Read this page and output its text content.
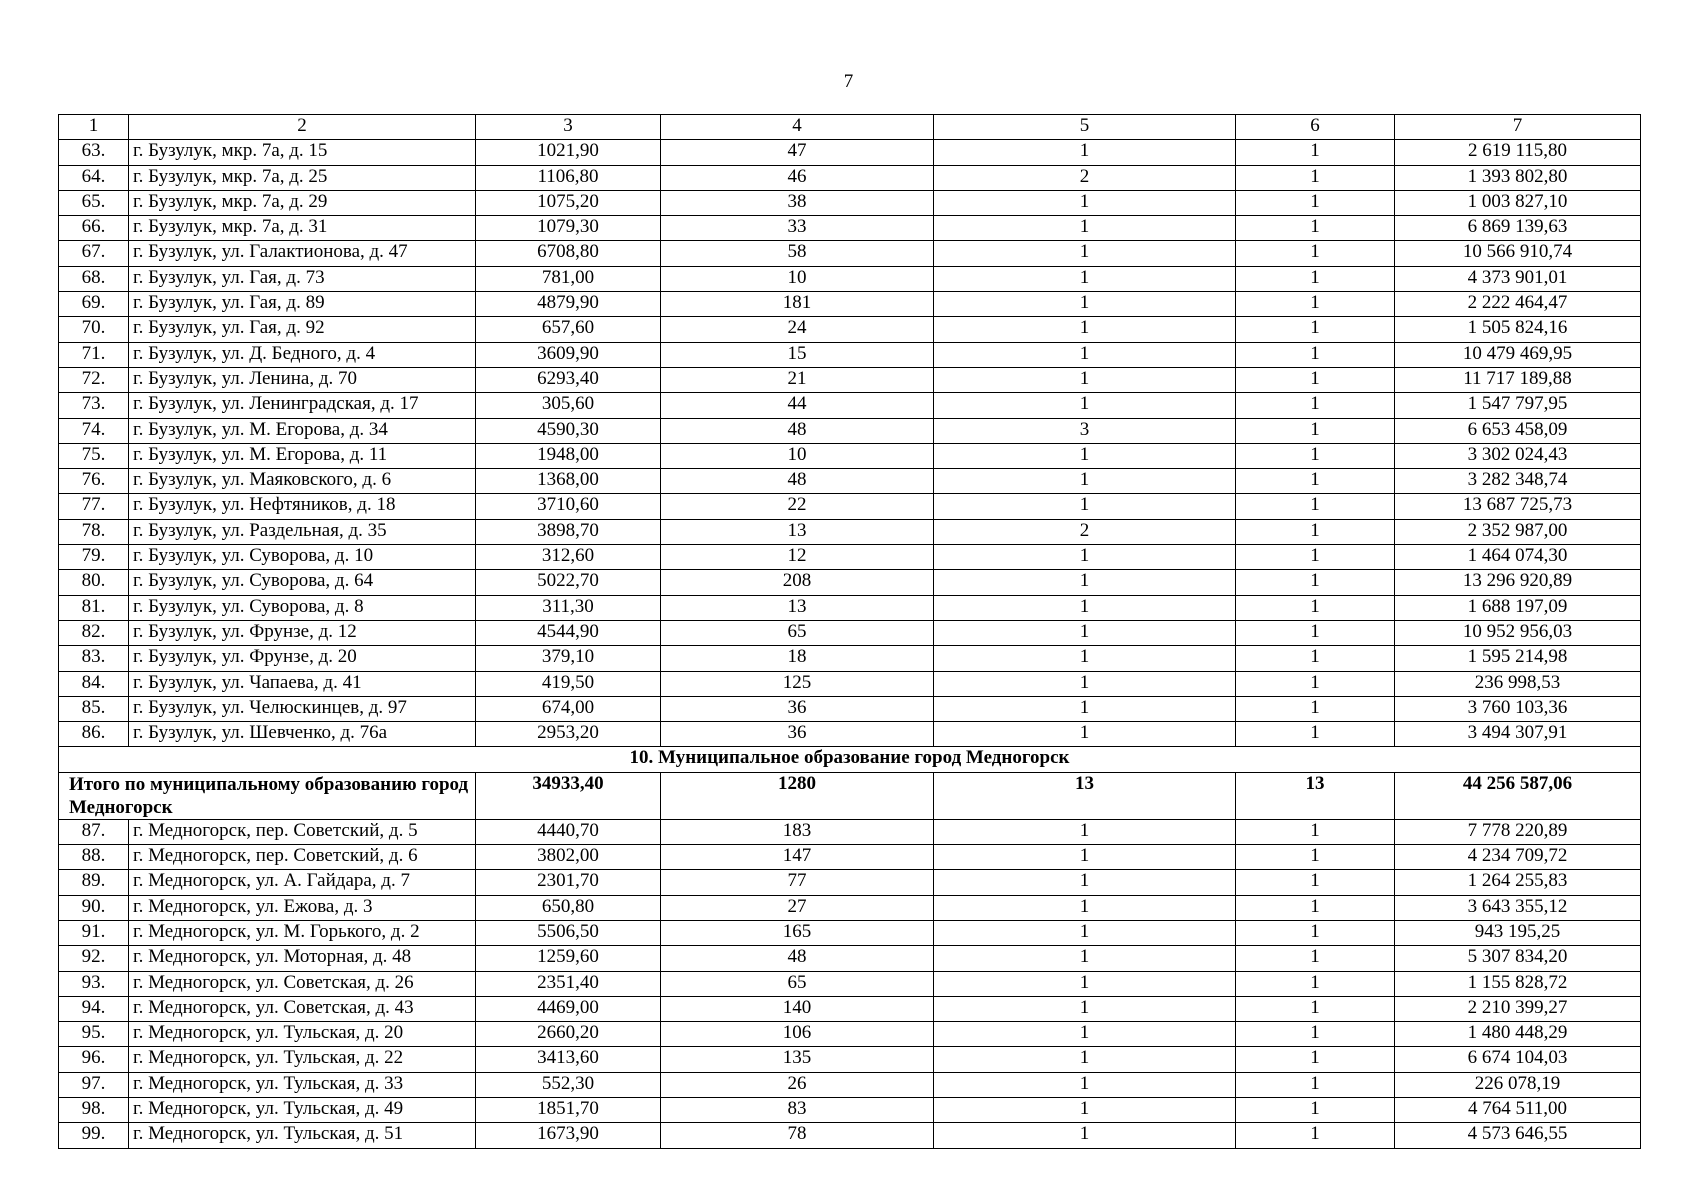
7
1	2	3	4	5	6	7
63.	г. Бузулук, мкр. 7а, д. 15	1021,90	47	1	1	2 619 115,80
64.	г. Бузулук, мкр. 7а, д. 25	1106,80	46	2	1	1 393 802,80
65.	г. Бузулук, мкр. 7а, д. 29	1075,20	38	1	1	1 003 827,10
66.	г. Бузулук, мкр. 7а, д. 31	1079,30	33	1	1	6 869 139,63
67.	г. Бузулук, ул. Галактионова, д. 47	6708,80	58	1	1	10 566 910,74
68.	г. Бузулук, ул. Гая, д. 73	781,00	10	1	1	4 373 901,01
69.	г. Бузулук, ул. Гая, д. 89	4879,90	181	1	1	2 222 464,47
70.	г. Бузулук, ул. Гая, д. 92	657,60	24	1	1	1 505 824,16
71.	г. Бузулук, ул. Д. Бедного, д. 4	3609,90	15	1	1	10 479 469,95
72.	г. Бузулук, ул. Ленина, д. 70	6293,40	21	1	1	11 717 189,88
73.	г. Бузулук, ул. Ленинградская, д. 17	305,60	44	1	1	1 547 797,95
74.	г. Бузулук, ул. М. Егорова, д. 34	4590,30	48	3	1	6 653 458,09
75.	г. Бузулук, ул. М. Егорова, д. 11	1948,00	10	1	1	3 302 024,43
76.	г. Бузулук, ул. Маяковского, д. 6	1368,00	48	1	1	3 282 348,74
77.	г. Бузулук, ул. Нефтяников, д. 18	3710,60	22	1	1	13 687 725,73
78.	г. Бузулук, ул. Раздельная, д. 35	3898,70	13	2	1	2 352 987,00
79.	г. Бузулук, ул. Суворова, д. 10	312,60	12	1	1	1 464 074,30
80.	г. Бузулук, ул. Суворова, д. 64	5022,70	208	1	1	13 296 920,89
81.	г. Бузулук, ул. Суворова, д. 8	311,30	13	1	1	1 688 197,09
82.	г. Бузулук, ул. Фрунзе, д. 12	4544,90	65	1	1	10 952 956,03
83.	г. Бузулук, ул. Фрунзе, д. 20	379,10	18	1	1	1 595 214,98
84.	г. Бузулук, ул. Чапаева, д. 41	419,50	125	1	1	236 998,53
85.	г. Бузулук, ул. Челюскинцев, д. 97	674,00	36	1	1	3 760 103,36
86.	г. Бузулук, ул. Шевченко, д. 76а	2953,20	36	1	1	3 494 307,91
10. Муниципальное образование город Медногорск						
Итого по муниципальному образованию город Медногорск		34933,40	1280	13	13	44 256 587,06
87.	г. Медногорск, пер. Советский, д. 5	4440,70	183	1	1	7 778 220,89
88.	г. Медногорск, пер. Советский, д. 6	3802,00	147	1	1	4 234 709,72
89.	г. Медногорск, ул. А. Гайдара, д. 7	2301,70	77	1	1	1 264 255,83
90.	г. Медногорск, ул. Ежова, д. 3	650,80	27	1	1	3 643 355,12
91.	г. Медногорск, ул. М. Горького, д. 2	5506,50	165	1	1	943 195,25
92.	г. Медногорск, ул. Моторная, д. 48	1259,60	48	1	1	5 307 834,20
93.	г. Медногорск, ул. Советская, д. 26	2351,40	65	1	1	1 155 828,72
94.	г. Медногорск, ул. Советская, д. 43	4469,00	140	1	1	2 210 399,27
95.	г. Медногорск, ул. Тульская, д. 20	2660,20	106	1	1	1 480 448,29
96.	г. Медногорск, ул. Тульская, д. 22	3413,60	135	1	1	6 674 104,03
97.	г. Медногорск, ул. Тульская, д. 33	552,30	26	1	1	226 078,19
98.	г. Медногорск, ул. Тульская, д. 49	1851,70	83	1	1	4 764 511,00
99.	г. Медногорск, ул. Тульская, д. 51	1673,90	78	1	1	4 573 646,55
